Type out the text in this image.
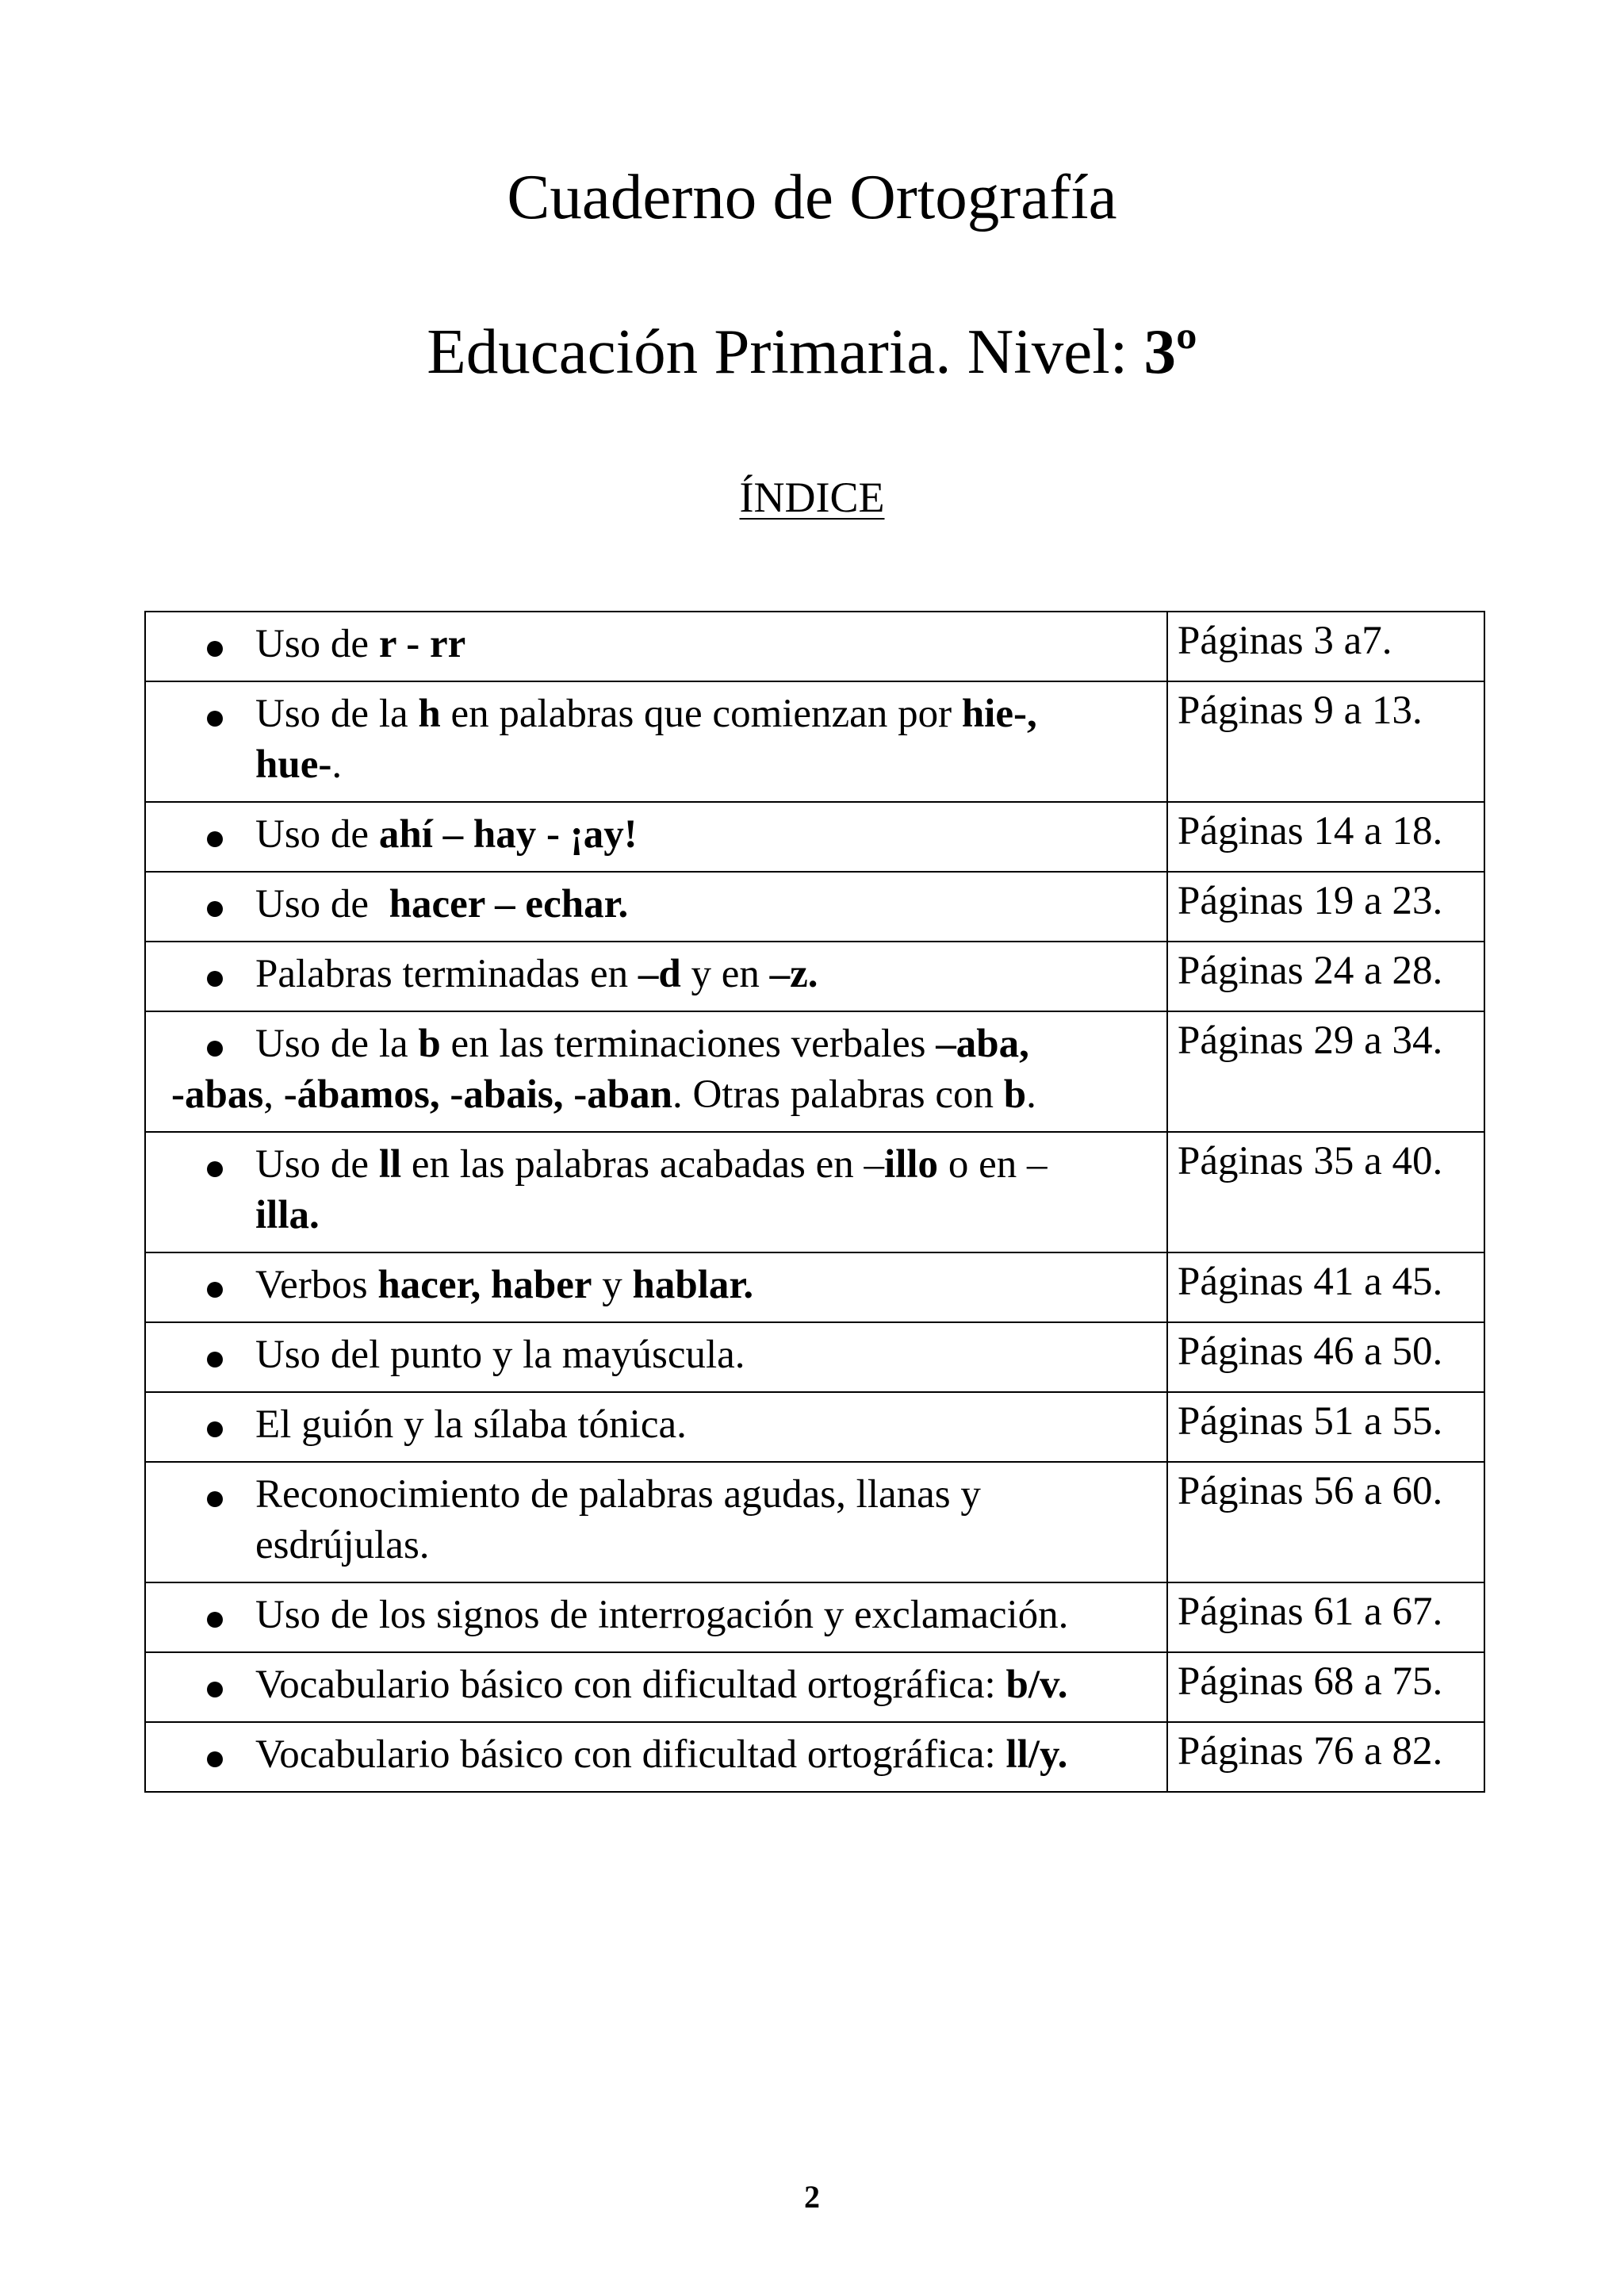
Cuaderno de Ortografía
Educación Primaria. Nivel: 3º
ÍNDICE
Uso de r - rr	Páginas 3 a7.

Uso de la h en palabras que comienzan por hie-, hue-.	Páginas 9 a 13.

Uso de ahí – hay - ¡ay!	Páginas 14 a 18.

Uso de  hacer – echar.	Páginas 19 a 23.

Palabras terminadas en –d y en –z.	Páginas 24 a 28.

Uso de la b en las terminaciones verbales –aba,
-abas, -ábamos, -abais, -aban. Otras palabras con b.	Páginas 29 a 34.

Uso de ll en las palabras acabadas en –illo o en –illa.	Páginas 35 a 40.

Verbos hacer, haber y hablar.	Páginas 41 a 45.

Uso del punto y la mayúscula.	Páginas 46 a 50.

El guión y la sílaba tónica.	Páginas 51 a 55.

Reconocimiento de palabras agudas, llanas y esdrújulas.	Páginas 56 a 60.

Uso de los signos de interrogación y exclamación.	Páginas 61 a 67.

Vocabulario básico con dificultad ortográfica: b/v.	Páginas 68 a 75.

Vocabulario básico con dificultad ortográfica: ll/y.	Páginas 76 a 82.
2
